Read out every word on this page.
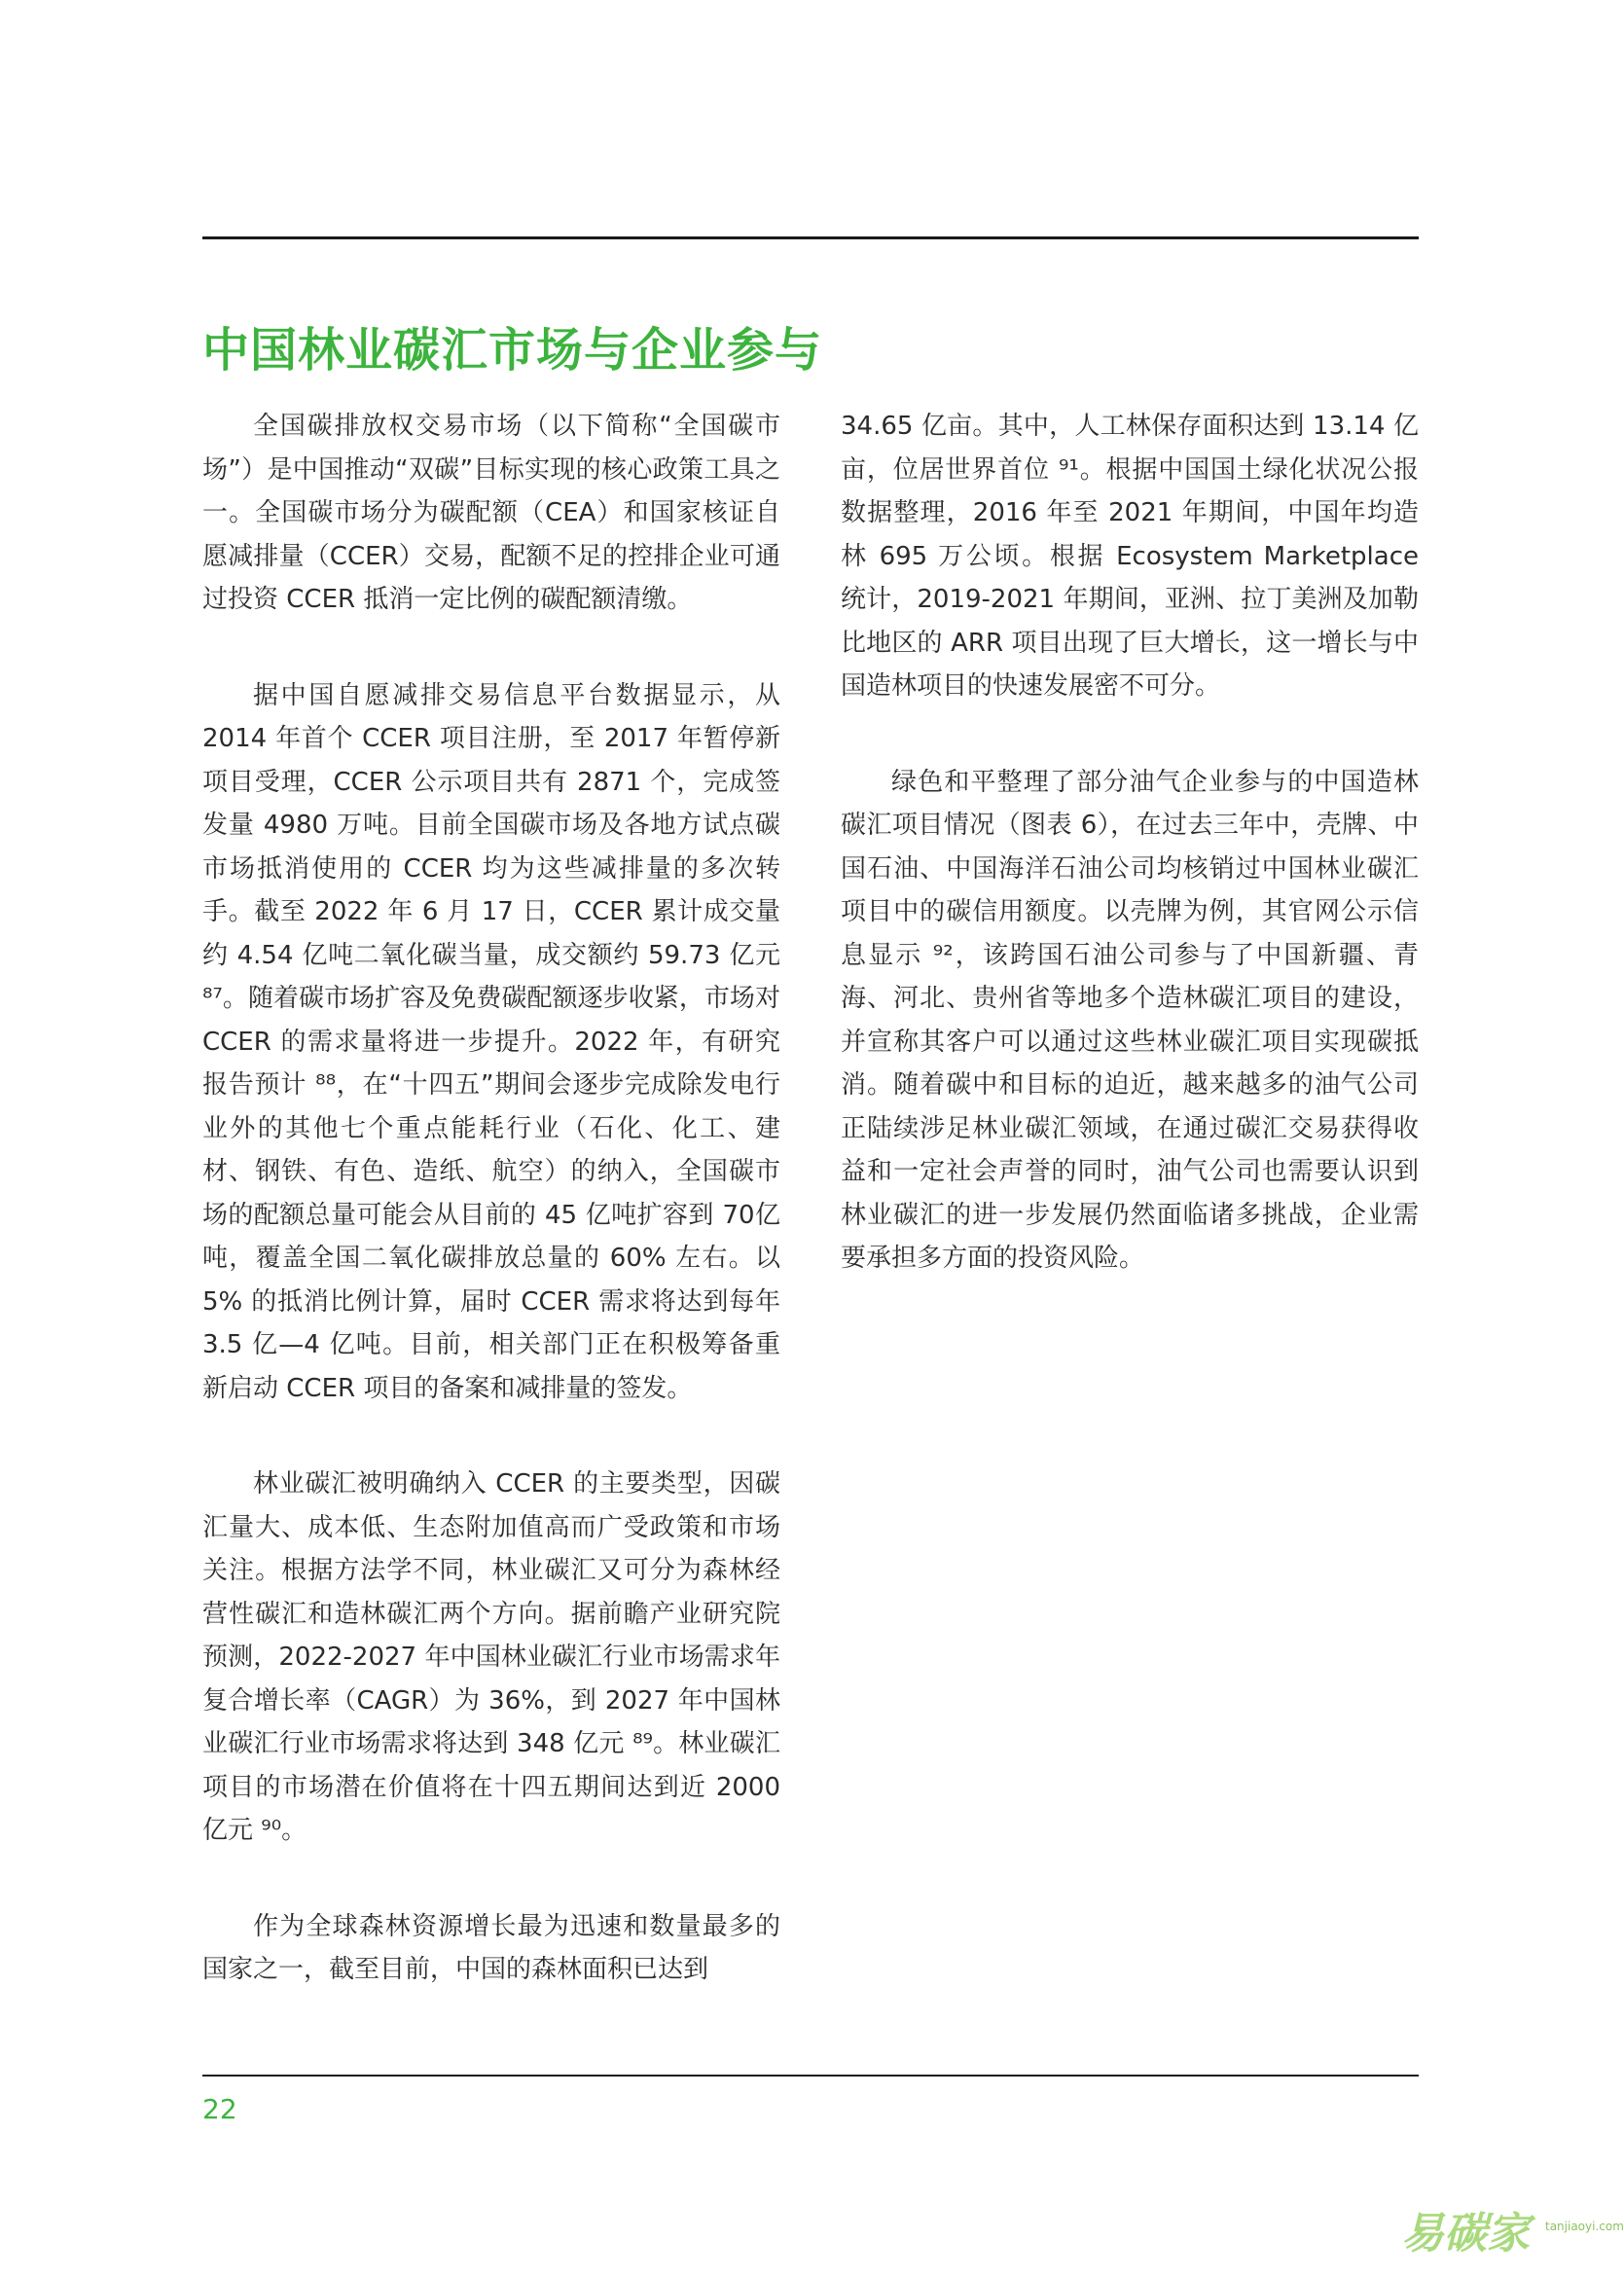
中国林业碳汇市场与企业参与

全国碳排放权交易市场（以下简称“全国碳市场”）是中国推动“双碳”目标实现的核心政策工具之一。全国碳市场分为碳配额（CEA）和国家核证自愿减排量（CCER）交易，配额不足的控排企业可通过投资 CCER 抵消一定比例的碳配额清缴。

据中国自愿减排交易信息平台数据显示，从 2014 年首个 CCER 项目注册，至 2017 年暂停新项目受理，CCER 公示项目共有 2871 个，完成签发量 4980 万吨。目前全国碳市场及各地方试点碳市场抵消使用的 CCER 均为这些减排量的多次转手。截至 2022 年 6 月 17 日，CCER 累计成交量约 4.54 亿吨二氧化碳当量，成交额约 59.73 亿元 ⁸⁷。随着碳市场扩容及免费碳配额逐步收紧，市场对 CCER 的需求量将进一步提升。2022 年，有研究报告预计 ⁸⁸，在“十四五”期间会逐步完成除发电行业外的其他七个重点能耗行业（石化、化工、建材、钢铁、有色、造纸、航空）的纳入，全国碳市场的配额总量可能会从目前的 45 亿吨扩容到 70亿吨，覆盖全国二氧化碳排放总量的 60% 左右。以 5% 的抵消比例计算，届时 CCER 需求将达到每年 3.5 亿—4 亿吨。目前，相关部门正在积极筹备重新启动 CCER 项目的备案和减排量的签发。

林业碳汇被明确纳入 CCER 的主要类型，因碳汇量大、成本低、生态附加值高而广受政策和市场关注。根据方法学不同，林业碳汇又可分为森林经营性碳汇和造林碳汇两个方向。据前瞻产业研究院预测，2022-2027 年中国林业碳汇行业市场需求年复合增长率（CAGR）为 36%，到 2027 年中国林业碳汇行业市场需求将达到 348 亿元 ⁸⁹。林业碳汇项目的市场潜在价值将在十四五期间达到近 2000 亿元 ⁹⁰。

作为全球森林资源增长最为迅速和数量最多的国家之一，截至目前，中国的森林面积已达到

34.65 亿亩。其中，人工林保存面积达到 13.14 亿亩，位居世界首位 ⁹¹。根据中国国土绿化状况公报数据整理，2016 年至 2021 年期间，中国年均造林 695 万公顷。根据 Ecosystem Marketplace 统计，2019-2021 年期间，亚洲、拉丁美洲及加勒比地区的 ARR 项目出现了巨大增长，这一增长与中国造林项目的快速发展密不可分。

绿色和平整理了部分油气企业参与的中国造林碳汇项目情况（图表 6），在过去三年中，壳牌、中国石油、中国海洋石油公司均核销过中国林业碳汇项目中的碳信用额度。以壳牌为例，其官网公示信息显示 ⁹²，该跨国石油公司参与了中国新疆、青海、河北、贵州省等地多个造林碳汇项目的建设，并宣称其客户可以通过这些林业碳汇项目实现碳抵消。随着碳中和目标的迫近，越来越多的油气公司正陆续涉足林业碳汇领域，在通过碳汇交易获得收益和一定社会声誉的同时，油气公司也需要认识到林业碳汇的进一步发展仍然面临诸多挑战，企业需要承担多方面的投资风险。

22
易碳家 tanjiaoyi.com
